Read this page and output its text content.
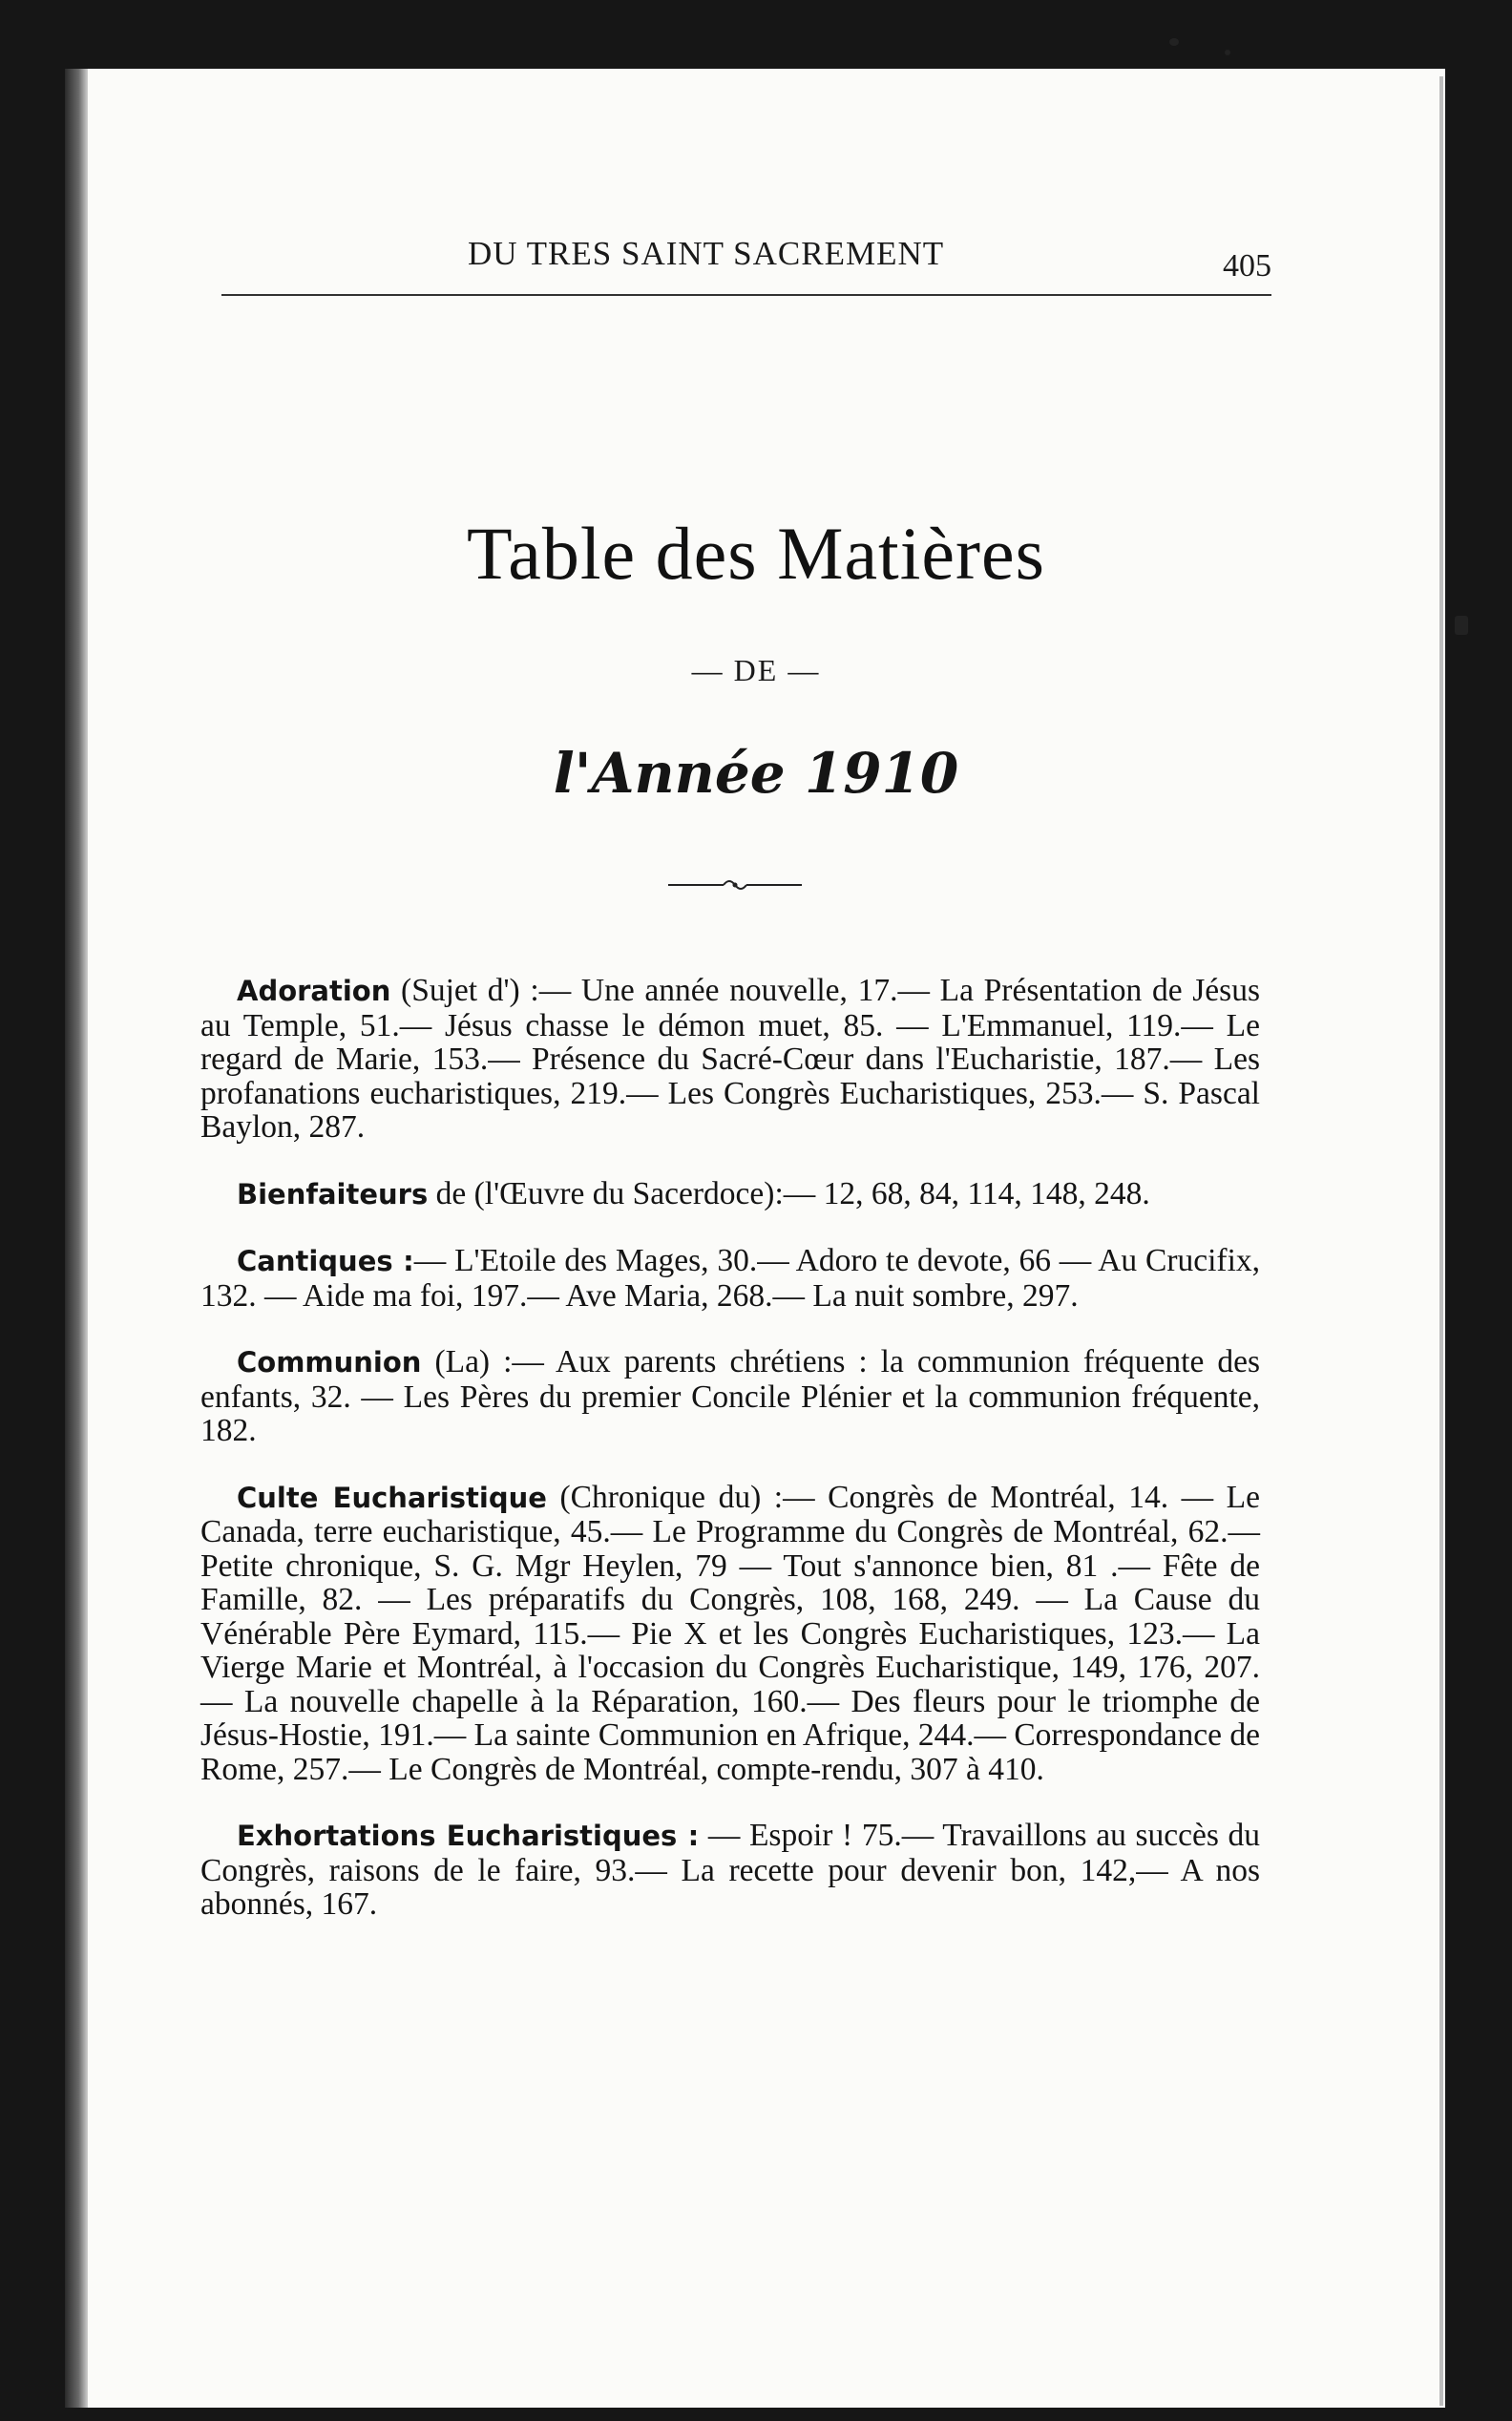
DU TRES SAINT SACREMENT	405
Table des Matières
— DE —
l'Année 1910

Adoration (Sujet d') :— Une année nouvelle, 17.— La Présentation de Jésus au Temple, 51.— Jésus chasse le démon muet, 85. — L'Emmanuel, 119.— Le regard de Marie, 153.— Présence du Sacré-Cœur dans l'Eucharistie, 187.— Les profanations eucharistiques, 219.— Les Congrès Eucharistiques, 253.— S. Pascal Baylon, 287.

Bienfaiteurs de (l'Œuvre du Sacerdoce):— 12, 68, 84, 114, 148, 248.

Cantiques :— L'Etoile des Mages, 30.— Adoro te devote, 66 — Au Crucifix, 132. — Aide ma foi, 197.— Ave Maria, 268.— La nuit sombre, 297.

Communion (La) :— Aux parents chrétiens : la communion fréquente des enfants, 32. — Les Pères du premier Concile Plénier et la communion fréquente, 182.

Culte Eucharistique (Chronique du) :— Congrès de Montréal, 14. — Le Canada, terre eucharistique, 45.— Le Programme du Congrès de Montréal, 62.— Petite chronique, S. G. Mgr Heylen, 79 — Tout s'annonce bien, 81 .— Fête de Famille, 82. — Les préparatifs du Congrès, 108, 168, 249. — La Cause du Vénérable Père Eymard, 115.— Pie X et les Congrès Eucharistiques, 123.— La Vierge Marie et Montréal, à l'occasion du Congrès Eucharistique, 149, 176, 207.— La nouvelle chapelle à la Réparation, 160.— Des fleurs pour le triomphe de Jésus-Hostie, 191.— La sainte Communion en Afrique, 244.— Correspondance de Rome, 257.— Le Congrès de Montréal, compte-rendu, 307 à 410.

Exhortations Eucharistiques : — Espoir ! 75.— Travaillons au succès du Congrès, raisons de le faire, 93.— La recette pour devenir bon, 142,— A nos abonnés, 167.
